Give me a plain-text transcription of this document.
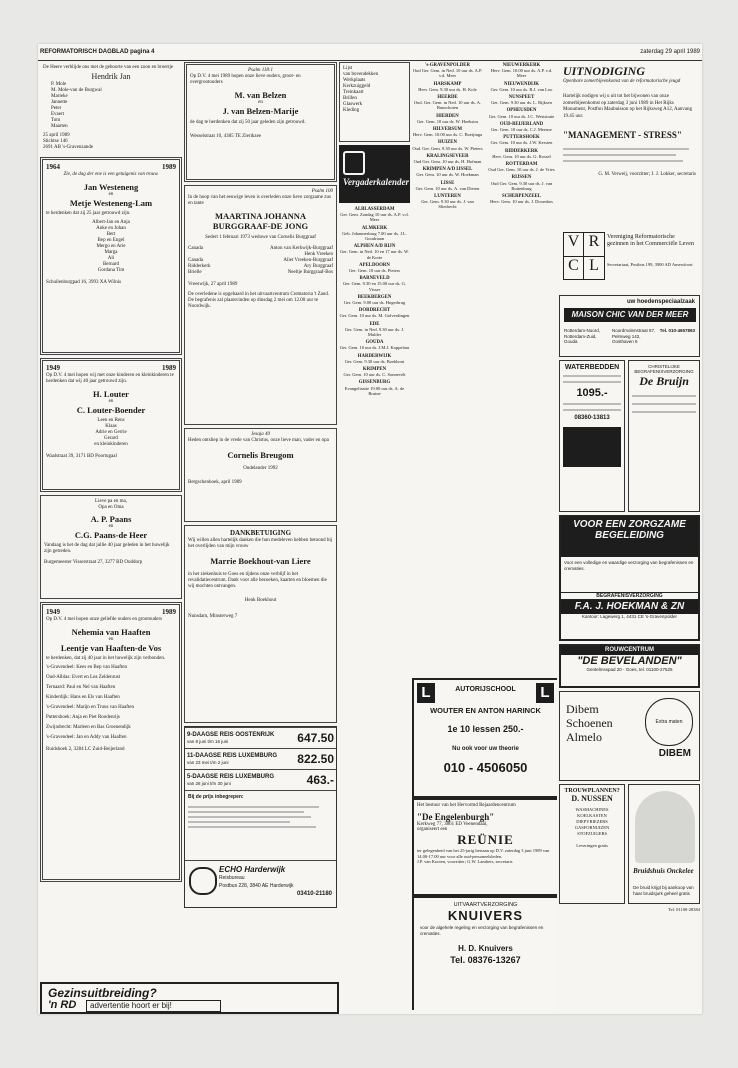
REFORMATORISCH DAGBLAD pagina 4	zaterdag 29 april 1989
De Heere verblijde ons met de geboorte van een zoon en broertje
Hendrik Jan
P. Mole
M. Mole-van de Burgwal
Marieke
Jannette
Peter
Evaert
Tom
Maarten
25 april 1989
Stichtse 146
2691 AB 's-Gravenzande
1964	1989
Zie, de dag der ene is een getuigenis van trouw.
Jan Westeneng
en
Metje Westeneng-Lam
te herdenken dat zij 25 jaar getrouwd zijn.
Albert-Jan en Anja
Anke en Johan
Bert
Bep en Engel
Mergo en Arie
Marga
Ali
Bernard
Gordana Tim
Schuilenburgpad 16, 3993 XA Wilnis
1949	1989
Op D.V. 4 mei hopen wij met onze kinderen en kleinkinderen te herdenken dat wij 40 jaar getrouwd zijn.
H. Louter
en
C. Louter-Boender
Leen en Rens
Klaas
Adrie en Gerrie
Gerard
en kleinkinderen
Waalstraat 39, 3171 BD Poortugaal
Lieve pa en ma,
Opa en Oma
A. P. Paans
en
C.G. Paans-de Heer
Vandaag is het de dag dat jullie 40 jaar geleden in het huwelijk zijn getreden.
Burgemeester Visserstraat 27, 3277 BD Ouddorp
1949	1989
Op D.V. 4 mei hopen onze geliefde ouders en grootouders
Nehemia van Haaften
en
Leentje van Haaften-de Vos
te herdenken, dat zij 40 jaar in het huwelijk zijn verbonden.
's-Gravendeel: Kees en Bep van Haaften
Oud-Alblas: Evert en Lea Zeldenrust
Ternaard: Paul en Nel van Haaften
Kinderdijk: Hans en Els van Haaften
's-Gravendeel: Marijn en Truus van Haaften
Puttershoek: Anja en Piet Roodenrijs
Zwijndrecht: Marleen en Bas Groenendijk
's-Gravendeel: Jan en Addy van Haaften
Ruidshoek 2, 3284 LC Zuid-Beijerland
Gezinsuitbreiding?
'n RD	advertentie hoort er bij!
Psalm 118:1
Op D.V. 4 mei 1989 hopen onze lieve ouders, groot- en overgrootouders
M. van Belzen
en
J. van Belzen-Marije
de dag te herdenken dat zij 50 jaar geleden zijn getrouwd.
Wesselstraat 10, 4385 TE Zierikzee
Psalm 100
In de hoop van het eeuwige leven is overleden onze lieve zorgzame zus en tante
MAARTINA JOHANNA BURGGRAAF-DE JONG
Sedert 1 februari 1973 weduwe van Cornelis Burggraaf
Canada	Anton van Kerkwijk-Burggraaf
Henk Vreeken
Canada	Aliet Vreeken-Burggraaf
Ridderkerk	Ary Burggraaf
Brielle	Neeltje Burggraaf-Bos
Vreeswijk, 27 april 1989
De overledene is opgebaard in het uitvaartcentrum Crematoria 't Zand. De begrafenis zal plaatsvinden op dinsdag 2 mei om 12.00 uur te Noordwijk.
Jesaja 40
Heden ontsliep in de vrede van Christus, onze lieve man, vader en opa
Cornelis Breugom
Oudelander 1992
Bergschenhoek, april 1989
DANKBETUIGING
Wij willen allen hartelijk danken die hun medeleven hebben betoond bij het overlijden van mijn vrouw
Marrie Boekhout-van Liere
in het ziekenhuis te Goes en tijdens onze verblijf in het revalidatiecentrum. Dank voor alle bezoeken, kaarten en bloemen die wij mochten ontvangen.
Henk Boekhout
Nunsdam, Minsterweg 7
9-DAAGSE REIS OOSTENRIJK
van 8 juni t/m 16 juni	647.50
11-DAAGSE REIS LUXEMBURG
van 23 mei t/m 2 juni	822.50
5-DAAGSE REIS LUXEMBURG
van 26 juni t/m 30 juni	463.-
Bij de prijs inbegrepen:
ECHO Harderwijk
Reisbureau
Postbus 228, 3840 AE Harderwijk
03410-21180
Lijst
van bovendekken
Werkplaats
Kerkzuiggeld
Treinkaart
Brillen
Glaswerk
Kleding
Vergaderkalender
ALBLASSERDAM
Ger. Gem. Zondag 10 uur ds. A.P. v.d. Meer
ALMKERK
Geb. Johannesburg 7.00 uur ds. J.L. Goudriaan
ALPHEN A/D RIJN
Ger. Gem. in Ned. 10 en 17 uur ds. W. de Korte
APELDOORN
Ger. Gem. 10 uur ds. Pieters
BARNEVELD
Ger. Gem. 9.30 en 15.00 uur ds. G. Visser
BEEKBERGEN
Ger. Gem. 9.00 uur ds. Hogerbrug
DORDRECHT
Ger. Gem. 10 uur ds. M. Golverdingen
EDE
Ger. Gem. in Ned. 9.30 uur ds. J. Mulder
GOUDA
Ger. Gem. 10 uur ds. J.M.J. Koppelaar
HARDERWIJK
Ger. Gem. 9.30 uur ds. Boekhout
KRIMPEN
Ger. Gem. 10 uur ds. C. Sonnevelt
GISSENBURG
Evangelisatie 19.00 uur ds. A. de Bruine
's-GRAVENPOLDER
Oud Ger. Gem. in Ned. 10 uur ds. A.P. v.d. Meer
HARSKAMP
Herv. Gem. 9.30 uur ds. H. Kole
HEERDE
Oud. Ger. Gem. in Ned. 10 uur ds. A. Bunschoten
HIERDEN
Ger. Gem. 10 uur ds. W. Hoekstra
HILVERSUM
Herv. Gem. 10.00 uur ds. C. Boeijinga
HUIZEN
Oud. Ger. Gem. 9.30 uur ds. W. Pieters
KRALINGSEVEER
Oud Ger. Gem. 10 uur ds. H. Hofman
KRIMPEN A/D IJSSEL
Ger. Gem. 10 uur ds. W. Hoekman
LISSE
Ger. Gem. 10 uur ds. A. van Dieren
LUNTEREN
Ger. Gem. 9.30 uur ds. J. van Sliedrecht
NIEUWERKERK
Herv. Gem. 10.00 uur ds. A.P. v.d. Meer
NIEUWENDIJK
Ger. Gem. 10 uur ds. B.J. van Loo
NUNSPEET
Ger. Gem. 9.30 uur ds. L. Rijksen
OPHEUSDEN
Ger. Gem. 10 uur ds. J.C. Weststrate
OUD-BEIJERLAND
Ger. Gem. 10 uur ds. C.J. Meeuse
PUTTERSHOEK
Ger. Gem. 10 uur ds. J.W. Kersten
RIDDERKERK
Herv. Gem. 10 uur ds. G. Rossel
ROTTERDAM
Oud Ger. Gem. 10 uur ds. J. de Vries
RIJSSEN
Oud Ger. Gem. 9.30 uur ds. J. van Ruitenburg
SCHERPENZEEL
Herv. Gem. 10 uur ds. J. Doornbos
L	L
AUTORIJSCHOOL
WOUTER EN ANTON HARINCK
1e 10 lessen 250.-
Nu ook voor uw theorie
010 - 4506050
Het bestuur van het Hervormd Bejaardencentrum
"De Engelenburgh"
Kerkweg 77, 3861 ED Veenendaal,
organiseert een
REÜNIE
ter gelegenheid van het 25-jarig bestaan op D.V. zaterdag 3 juni 1989 van 14.00-17.00 uur voor alle oud-personeelsleden.
J.P. van Kooten, voorzitter; G.W. Lambers, secretaris
UITVAARTVERZORGING
KNUIVERS
voor de algehele regeling en verzorging van begrafenissen en crematies.
H. D. Knuivers
Tel. 08376-13267
UITNODIGING
Openbare zomerbijeenkomst van de reformatorische jeugd
Hartelijk nodigen wij u uit tot het bijwonen van onze zomerbijeenkomst op zaterdag 3 juni 1989 in Het Rijks Monument, Postfon Maubuisson op het Rijksweg A12, Aanvang 19.45 uur.
"MANAGEMENT - STRESS"
G. M. Verweij, voorzitter; J. J. Lokker, secretaris
V R
C L
Vereniging Reformatorische gezinnen in het Commerciële Leven
Secretariaat, Postbus 199, 3900 AD Amersfoort
uw hoedenspeciaalzaak
MAISON CHIC VAN DER MEER
Rotterdam-Noord, Rotterdam-Zuid, Gouda
Noordmolenstraat 67, Pelmweg 142, Oosthaven 6
Tel. 010-4657893
WATERBEDDEN
1095.-
08360-13813
CHRISTELIJKE BEGRAFENISVERZORGING
De Bruijn
VOOR EEN ZORGZAME
BEGELEIDING
Voor een volledige en waardige verzorging van begrafenissen en crematies.
BEGRAFENISVERZORGING
F.A. J. HOEKMAN & ZN
Kantoor: Lagewerg 1, 4431 CE 's-Gravenpolder
ROUWCENTRUM
"DE BEVELANDEN"
Gentelmsspad 20 - Goes, tel. 01100-27525
Dibem
Schoenen
Almelo
Extra maten
DIBEM
TROUWPLANNEN?
D. NUSSEN
WASMACHINES
KOELKASTEN
DIEPVRIEZERS
GASFORNUIZEN
STOFZUIGERS
Leveringen gratis
Bruidshuis Onckelee
De bruid krijgt bij aankoop van haar bruidsjurk geheel gratis
Tel. 01100-28384
